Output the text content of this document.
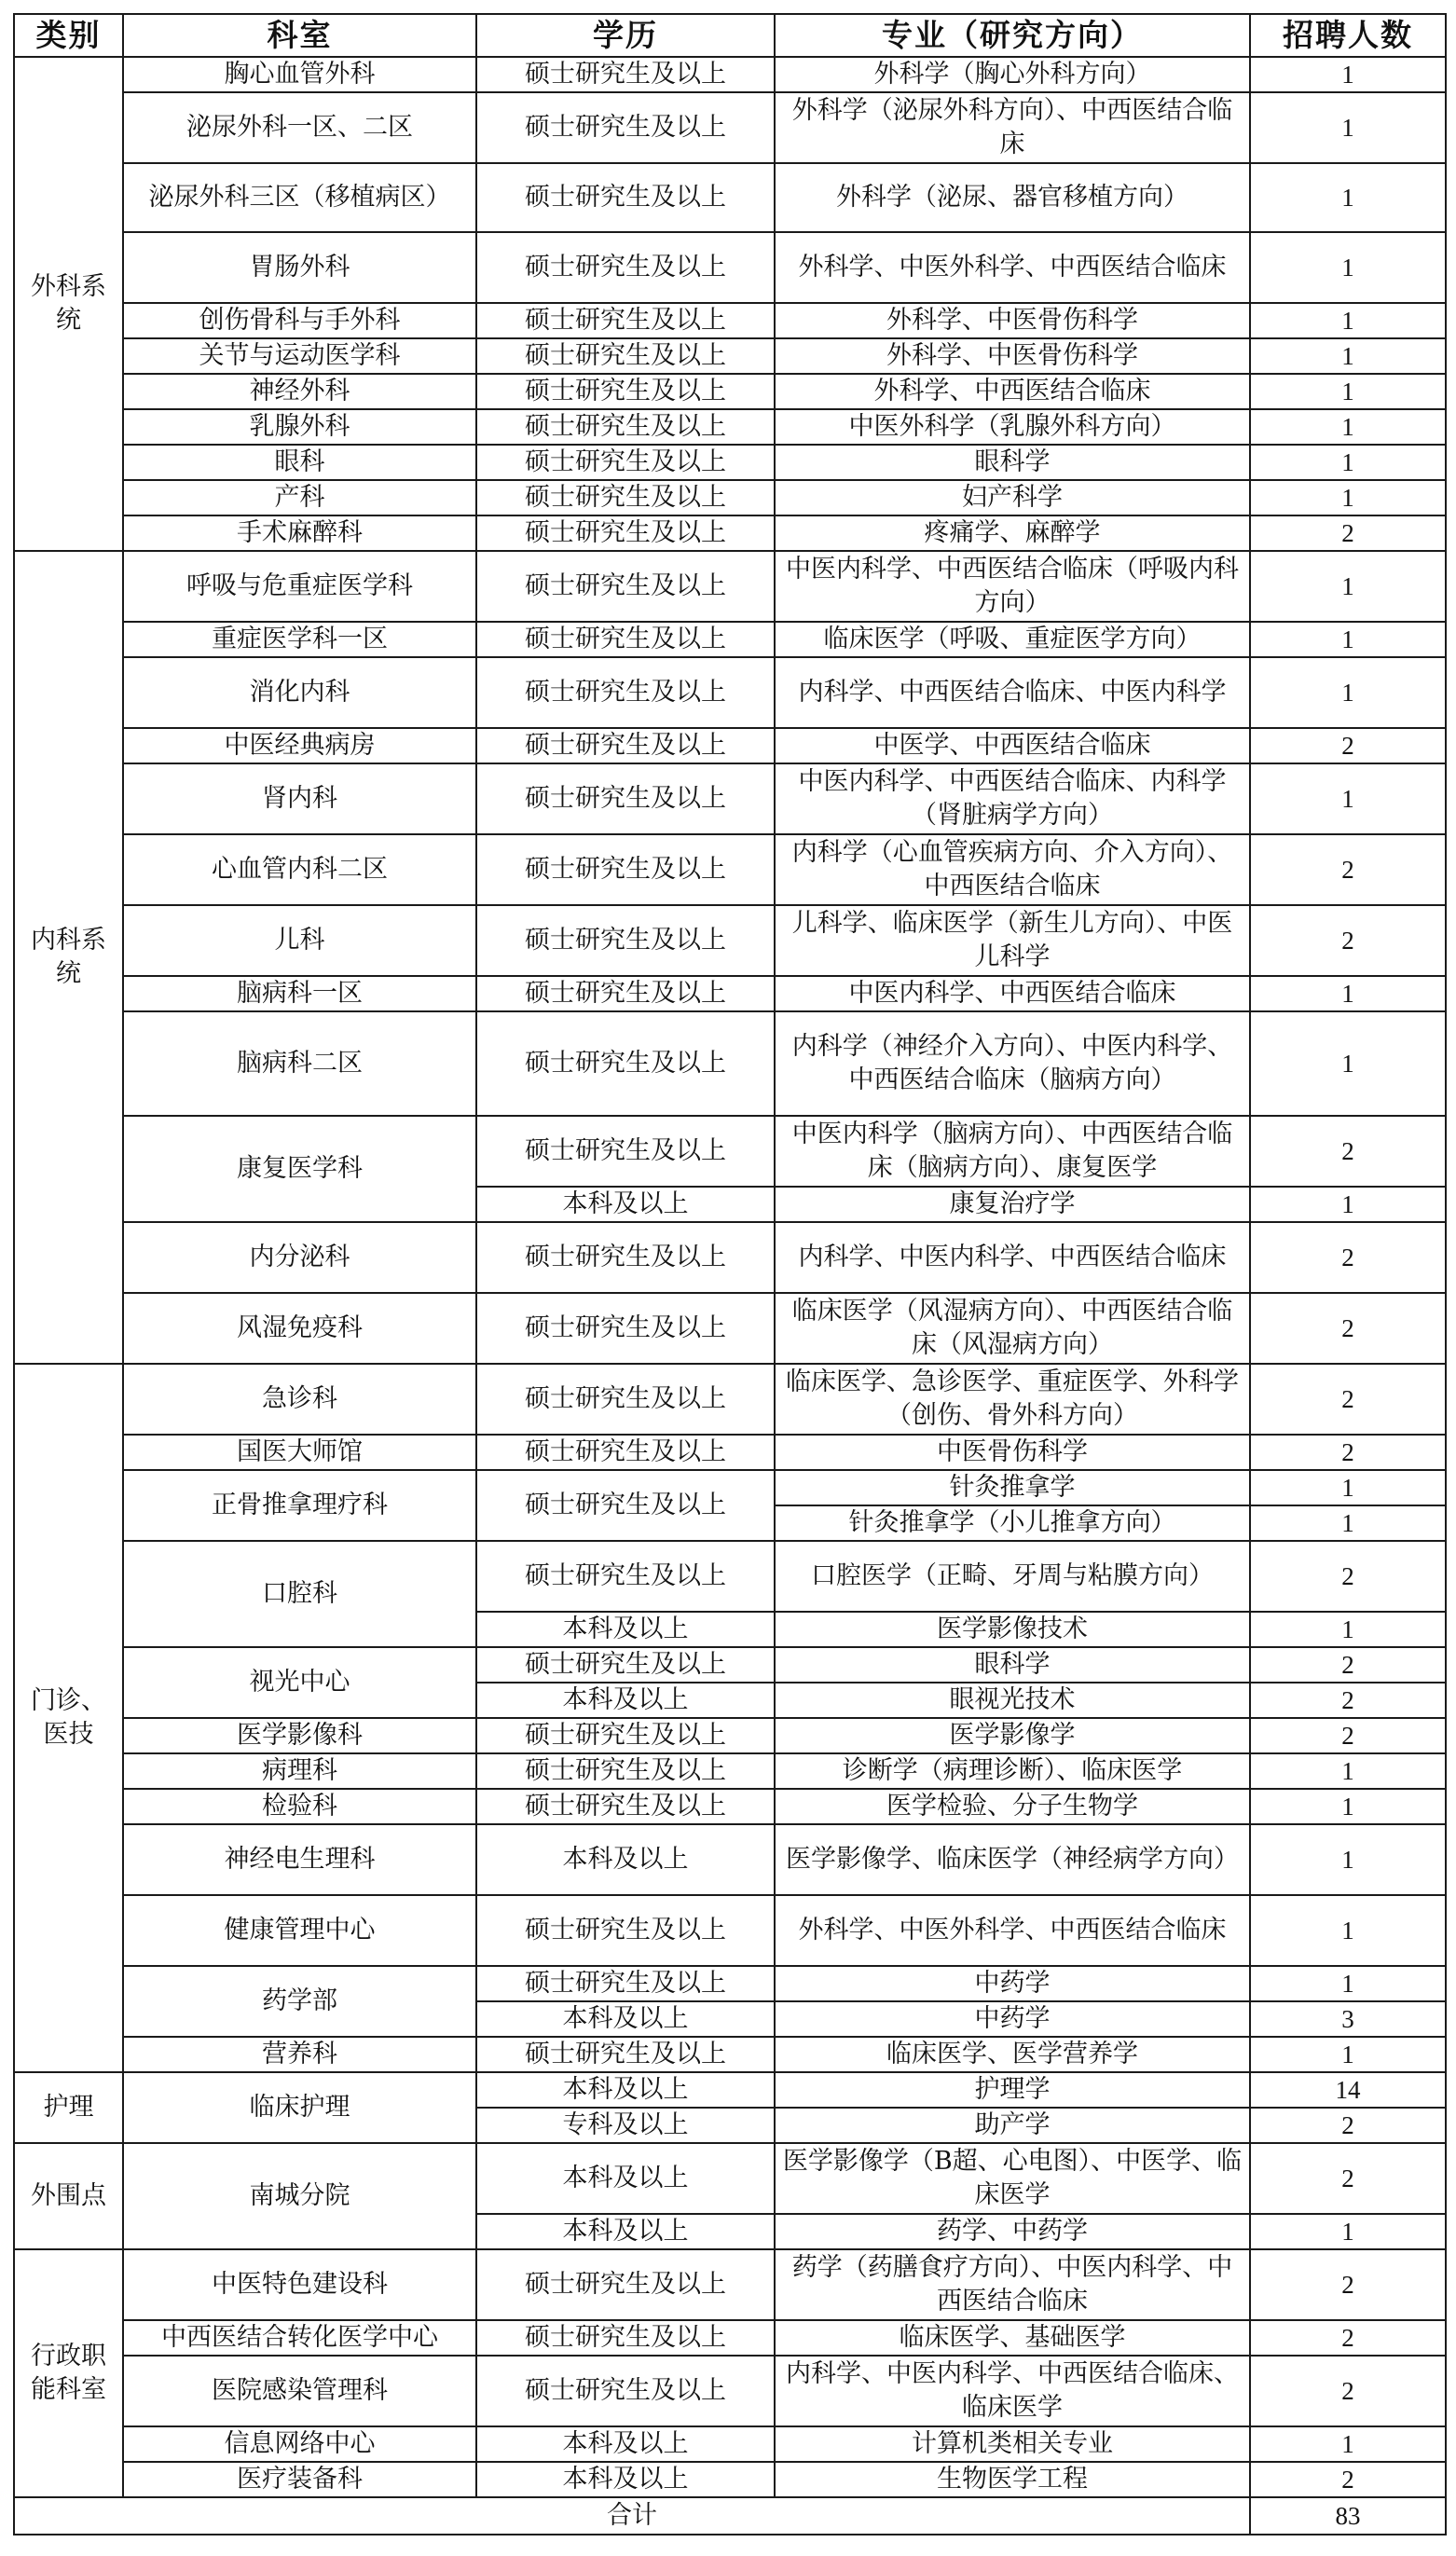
类别	科室	学历	专业（研究方向）	招聘人数
外科系统	胸心血管外科	硕士研究生及以上	外科学（胸心外科方向）	1
	泌尿外科一区、二区	硕士研究生及以上	外科学（泌尿外科方向）、中西医结合临床	1
	泌尿外科三区（移植病区）	硕士研究生及以上	外科学（泌尿、器官移植方向）	1
	胃肠外科	硕士研究生及以上	外科学、中医外科学、中西医结合临床	1
	创伤骨科与手外科	硕士研究生及以上	外科学、中医骨伤科学	1
	关节与运动医学科	硕士研究生及以上	外科学、中医骨伤科学	1
	神经外科	硕士研究生及以上	外科学、中西医结合临床	1
	乳腺外科	硕士研究生及以上	中医外科学（乳腺外科方向）	1
	眼科	硕士研究生及以上	眼科学	1
	产科	硕士研究生及以上	妇产科学	1
	手术麻醉科	硕士研究生及以上	疼痛学、麻醉学	2
内科系统	呼吸与危重症医学科	硕士研究生及以上	中医内科学、中西医结合临床（呼吸内科方向）	1
	重症医学科一区	硕士研究生及以上	临床医学（呼吸、重症医学方向）	1
	消化内科	硕士研究生及以上	内科学、中西医结合临床、中医内科学	1
	中医经典病房	硕士研究生及以上	中医学、中西医结合临床	2
	肾内科	硕士研究生及以上	中医内科学、中西医结合临床、内科学（肾脏病学方向）	1
	心血管内科二区	硕士研究生及以上	内科学（心血管疾病方向、介入方向）、中西医结合临床	2
	儿科	硕士研究生及以上	儿科学、临床医学（新生儿方向）、中医儿科学	2
	脑病科一区	硕士研究生及以上	中医内科学、中西医结合临床	1
	脑病科二区	硕士研究生及以上	内科学（神经介入方向）、中医内科学、中西医结合临床（脑病方向）	1
	康复医学科	硕士研究生及以上	中医内科学（脑病方向）、中西医结合临床（脑病方向）、康复医学	2
		本科及以上	康复治疗学	1
	内分泌科	硕士研究生及以上	内科学、中医内科学、中西医结合临床	2
	风湿免疫科	硕士研究生及以上	临床医学（风湿病方向）、中西医结合临床（风湿病方向）	2
门诊、医技	急诊科	硕士研究生及以上	临床医学、急诊医学、重症医学、外科学（创伤、骨外科方向）	2
	国医大师馆	硕士研究生及以上	中医骨伤科学	2
	正骨推拿理疗科	硕士研究生及以上	针灸推拿学	1
			针灸推拿学（小儿推拿方向）	1
	口腔科	硕士研究生及以上	口腔医学（正畸、牙周与粘膜方向）	2
		本科及以上	医学影像技术	1
	视光中心	硕士研究生及以上	眼科学	2
		本科及以上	眼视光技术	2
	医学影像科	硕士研究生及以上	医学影像学	2
	病理科	硕士研究生及以上	诊断学（病理诊断）、临床医学	1
	检验科	硕士研究生及以上	医学检验、分子生物学	1
	神经电生理科	本科及以上	医学影像学、临床医学（神经病学方向）	1
	健康管理中心	硕士研究生及以上	外科学、中医外科学、中西医结合临床	1
	药学部	硕士研究生及以上	中药学	1
		本科及以上	中药学	3
	营养科	硕士研究生及以上	临床医学、医学营养学	1
护理	临床护理	本科及以上	护理学	14
		专科及以上	助产学	2
外围点	南城分院	本科及以上	医学影像学（B超、心电图）、中医学、临床医学	2
		本科及以上	药学、中药学	1
行政职能科室	中医特色建设科	硕士研究生及以上	药学（药膳食疗方向）、中医内科学、中西医结合临床	2
	中西医结合转化医学中心	硕士研究生及以上	临床医学、基础医学	2
	医院感染管理科	硕士研究生及以上	内科学、中医内科学、中西医结合临床、临床医学	2
	信息网络中心	本科及以上	计算机类相关专业	1
	医疗装备科	本科及以上	生物医学工程	2
合计				83
